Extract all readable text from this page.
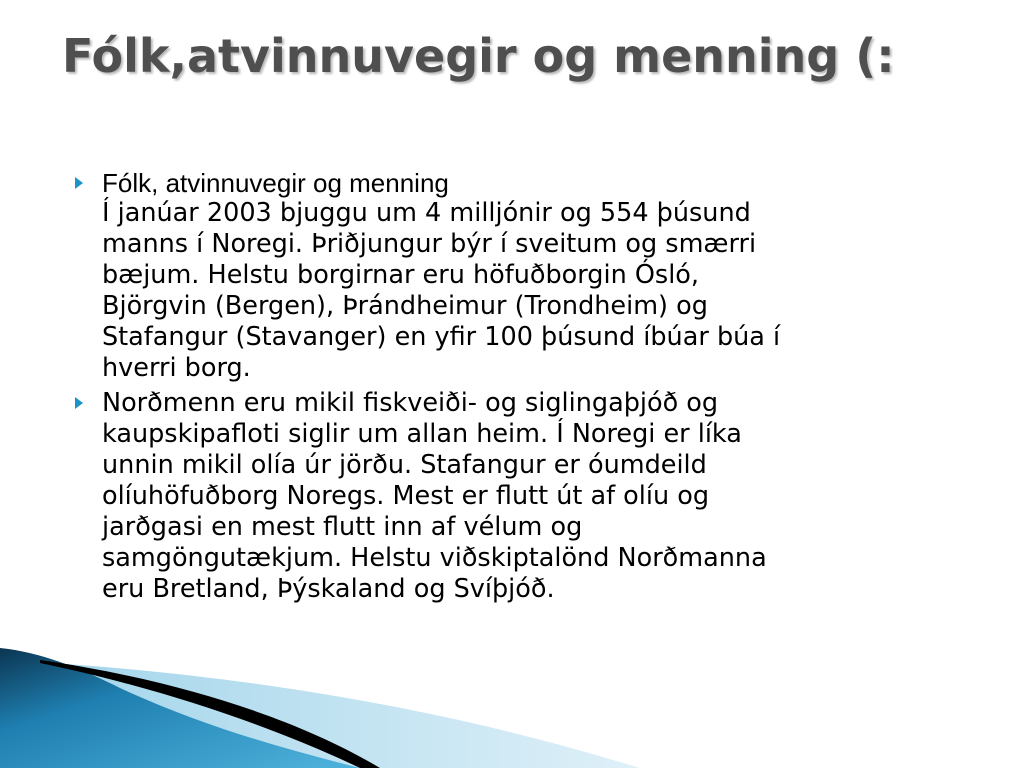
Fólk,atvinnuvegir og menning (:
Fólk, atvinnuvegir og menning
Í janúar 2003 bjuggu um 4 milljónir og 554 þúsund
manns í Noregi. Þriðjungur býr í sveitum og smærri
bæjum. Helstu borgirnar eru höfuðborgin Ósló,
Björgvin (Bergen), Þrándheimur (Trondheim) og
Stafangur (Stavanger) en yfir 100 þúsund íbúar búa í
hverri borg.
Norðmenn eru mikil fiskveiði- og siglingaþjóð og
kaupskipafloti siglir um allan heim. Í Noregi er líka
unnin mikil olía úr jörðu. Stafangur er óumdeild
olíuhöfuðborg Noregs. Mest er flutt út af olíu og
jarðgasi en mest flutt inn af vélum og
samgöngutækjum. Helstu viðskiptalönd Norðmanna
eru Bretland, Þýskaland og Svíþjóð.
